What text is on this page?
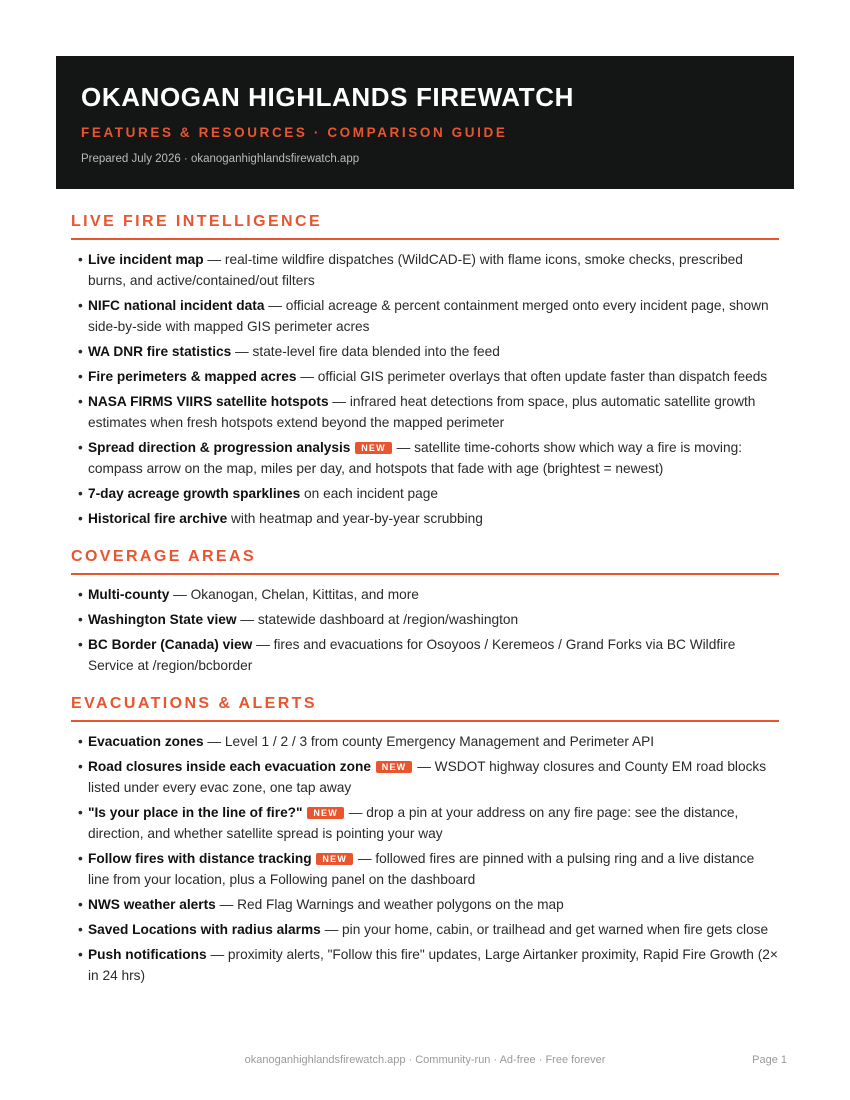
OKANOGAN HIGHLANDS FIREWATCH
FEATURES & RESOURCES · COMPARISON GUIDE
Prepared July 2026 · okanoganhighlandsfirewatch.app
LIVE FIRE INTELLIGENCE
• Live incident map — real-time wildfire dispatches (WildCAD-E) with flame icons, smoke checks, prescribed burns, and active/contained/out filters
• NIFC national incident data — official acreage & percent containment merged onto every incident page, shown side-by-side with mapped GIS perimeter acres
• WA DNR fire statistics — state-level fire data blended into the feed
• Fire perimeters & mapped acres — official GIS perimeter overlays that often update faster than dispatch feeds
• NASA FIRMS VIIRS satellite hotspots — infrared heat detections from space, plus automatic satellite growth estimates when fresh hotspots extend beyond the mapped perimeter
• Spread direction & progression analysis NEW — satellite time-cohorts show which way a fire is moving: compass arrow on the map, miles per day, and hotspots that fade with age (brightest = newest)
• 7-day acreage growth sparklines on each incident page
• Historical fire archive with heatmap and year-by-year scrubbing
COVERAGE AREAS
• Multi-county — Okanogan, Chelan, Kittitas, and more
• Washington State view — statewide dashboard at /region/washington
• BC Border (Canada) view — fires and evacuations for Osoyoos / Keremeos / Grand Forks via BC Wildfire Service at /region/bcborder
EVACUATIONS & ALERTS
• Evacuation zones — Level 1 / 2 / 3 from county Emergency Management and Perimeter API
• Road closures inside each evacuation zone NEW — WSDOT highway closures and County EM road blocks listed under every evac zone, one tap away
• "Is your place in the line of fire?" NEW — drop a pin at your address on any fire page: see the distance, direction, and whether satellite spread is pointing your way
• Follow fires with distance tracking NEW — followed fires are pinned with a pulsing ring and a live distance line from your location, plus a Following panel on the dashboard
• NWS weather alerts — Red Flag Warnings and weather polygons on the map
• Saved Locations with radius alarms — pin your home, cabin, or trailhead and get warned when fire gets close
• Push notifications — proximity alerts, "Follow this fire" updates, Large Airtanker proximity, Rapid Fire Growth (2× in 24 hrs)
okanoganhighlandsfirewatch.app · Community-run · Ad-free · Free forever	Page 1
